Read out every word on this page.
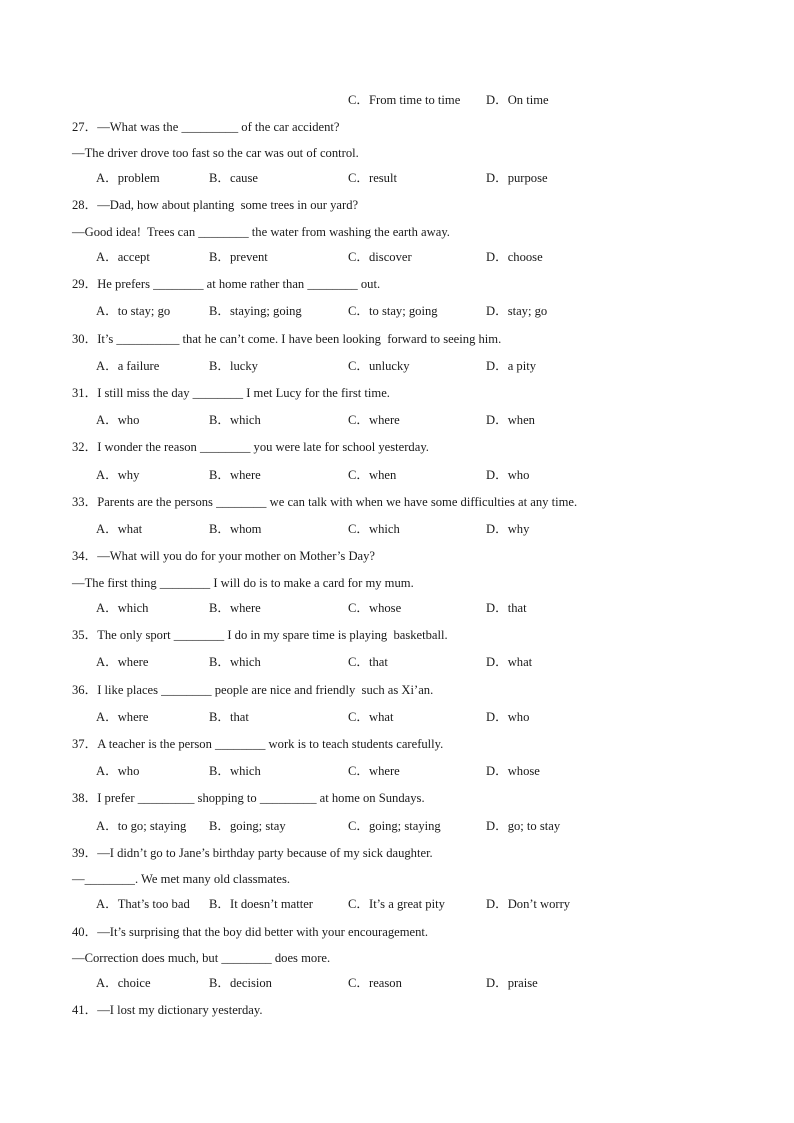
C．From time to time D．On time
27．—What was the _________ of the car accident?
—The driver drove too fast so the car was out of control.
A．problem	B．cause	C．result	D．purpose
28．—Dad, how about planting  some trees in our yard?
—Good idea!  Trees can ________ the water from washing the earth away.
A．accept	B．prevent	C．discover	D．choose
29．He prefers ________ at home rather than ________ out.
A．to stay; go	B．staying; going	C．to stay; going	D．stay; go
30．It’s __________ that he can’t come. I have been looking  forward to seeing him.
A．a failure	B．lucky	C．unlucky	D．a pity
31．I still miss the day ________ I met Lucy for the first time.
A．who	B．which	C．where	D．when
32．I wonder the reason ________ you were late for school yesterday.
A．why	B．where	C．when	D．who
33．Parents are the persons ________ we can talk with when we have some difficulties at any time.
A．what	B．whom	C．which	D．why
34．—What will you do for your mother on Mother’s Day?
—The first thing ________ I will do is to make a card for my mum.
A．which	B．where	C．whose	D．that
35．The only sport ________ I do in my spare time is playing  basketball.
A．where	B．which	C．that	D．what
36．I like places ________ people are nice and friendly  such as Xi’an.
A．where	B．that	C．what	D．who
37．A teacher is the person ________ work is to teach students carefully.
A．who	B．which	C．where	D．whose
38．I prefer _________ shopping to _________ at home on Sundays.
A．to go; staying B．going; stay	C．going; staying	D．go; to stay
39．—I didn’t go to Jane’s birthday party because of my sick daughter.
—________. We met many old classmates.
A．That’s too bad B．It doesn’t matter	C．It’s a great pity	D．Don’t worry
40．—It’s surprising that the boy did better with your encouragement.
—Correction does much, but ________ does more.
A．choice	B．decision	C．reason	D．praise
41．—I lost my dictionary yesterday.
